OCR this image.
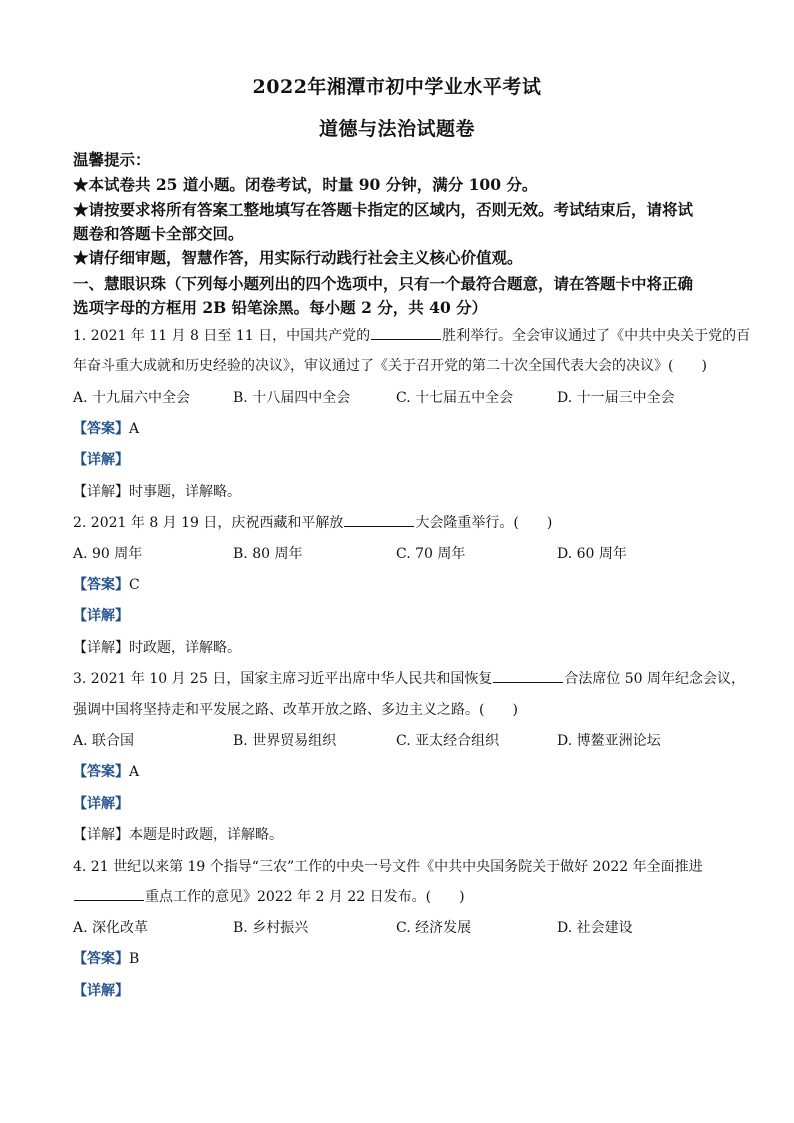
2022年湘潭市初中学业水平考试
道德与法治试题卷
温馨提示：
★本试卷共 25 道小题。闭卷考试，时量 90 分钟，满分 100 分。
★请按要求将所有答案工整地填写在答题卡指定的区域内，否则无效。考试结束后，请将试
题卷和答题卡全部交回。
★请仔细审题，智慧作答，用实际行动践行社会主义核心价值观。
一、慧眼识珠（下列每小题列出的四个选项中，只有一个最符合题意，请在答题卡中将正确
选项字母的方框用 2B 铅笔涂黑。每小题 2 分，共 40 分）
1. 2021 年 11 月 8 日至 11 日，中国共产党的	胜利举行。全会审议通过了《中共中央关于党的百
年奋斗重大成就和历史经验的决议》，审议通过了《关于召开党的第二十次全国代表大会的决议》(　　)
A. 十九届六中全会	B. 十八届四中全会	C. 十七届五中全会	D. 十一届三中全会
【答案】A
【详解】
【详解】时事题，详解略。
2. 2021 年 8 月 19 日，庆祝西藏和平解放	大会隆重举行。(　　)
A. 90 周年	B. 80 周年	C. 70 周年	D. 60 周年
【答案】C
【详解】
【详解】时政题，详解略。
3. 2021 年 10 月 25 日，国家主席习近平出席中华人民共和国恢复	合法席位 50 周年纪念会议，
强调中国将坚持走和平发展之路、改革开放之路、多边主义之路。(　　)
A. 联合国	B. 世界贸易组织	C. 亚太经合组织	D. 博鳌亚洲论坛
【答案】A
【详解】
【详解】本题是时政题，详解略。
4. 21 世纪以来第 19 个指导“三农”工作的中央一号文件《中共中央国务院关于做好 2022 年全面推进
重点工作的意见》2022 年 2 月 22 日发布。(　　)
A. 深化改革	B. 乡村振兴	C. 经济发展	D. 社会建设
【答案】B
【详解】
